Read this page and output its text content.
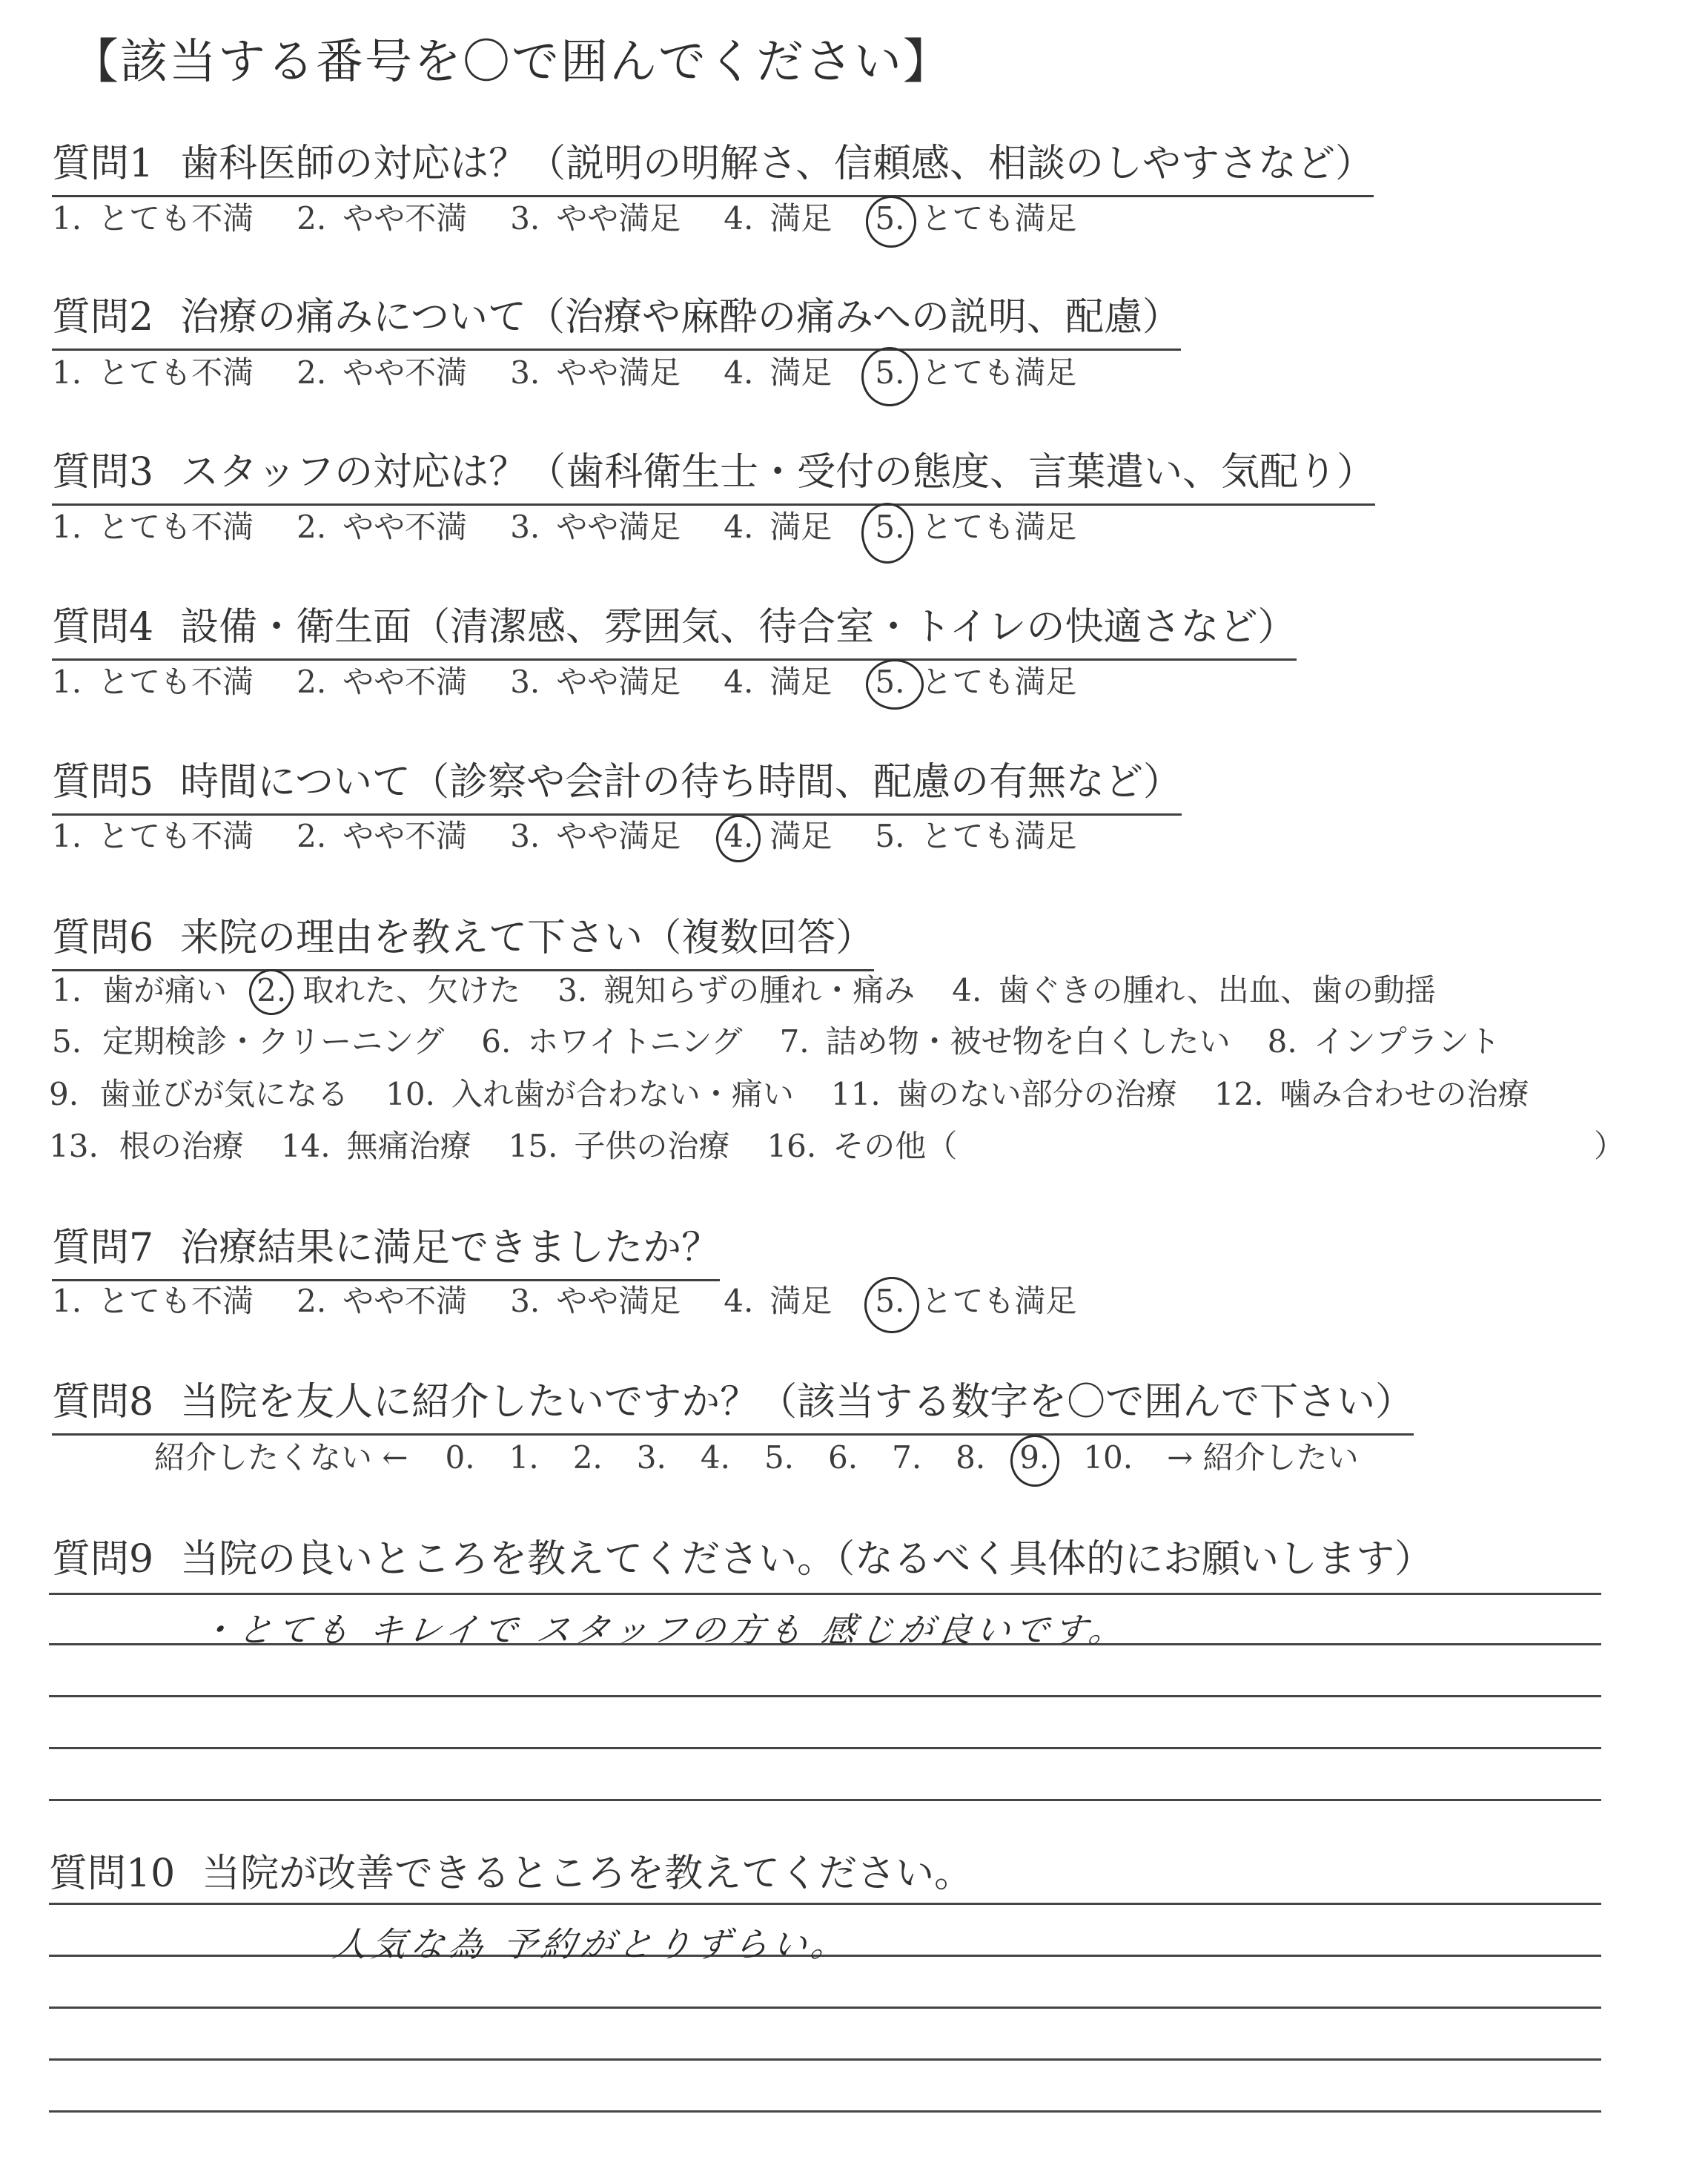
【該当する番号を〇で囲んでください】
質問1 歯科医師の対応は？（説明の明解さ、信頼感、相談のしやすさなど）
1. とても不満 2. やや不満 3. やや満足 4. 満足 5. とても満足
質問2 治療の痛みについて（治療や麻酔の痛みへの説明、配慮）
1. とても不満 2. やや不満 3. やや満足 4. 満足 5. とても満足
質問3 スタッフの対応は？（歯科衛生士・受付の態度、言葉遣い、気配り）
1. とても不満 2. やや不満 3. やや満足 4. 満足 5. とても満足
質問4 設備・衛生面（清潔感、雰囲気、待合室・トイレの快適さなど）
1. とても不満 2. やや不満 3. やや満足 4. 満足 5. とても満足
質問5 時間について（診察や会計の待ち時間、配慮の有無など）
1. とても不満 2. やや不満 3. やや満足 4. 満足 5. とても満足
質問6 来院の理由を教えて下さい（複数回答）
1. 歯が痛い 2. 取れた、欠けた 3. 親知らずの腫れ・痛み 4. 歯ぐきの腫れ、出血、歯の動揺
5. 定期検診・クリーニング 6. ホワイトニング 7. 詰め物・被せ物を白くしたい 8. インプラント
9. 歯並びが気になる 10. 入れ歯が合わない・痛い 11. 歯のない部分の治療 12. 噛み合わせの治療
13. 根の治療 14. 無痛治療 15. 子供の治療 16. その他（	）
質問7 治療結果に満足できましたか？
1. とても不満 2. やや不満 3. やや満足 4. 満足 5. とても満足
質問8 当院を友人に紹介したいですか？（該当する数字を〇で囲んで下さい）
紹介したくない ← 0. 1. 2. 3. 4. 5. 6. 7. 8. 9. 10. → 紹介したい
質問9 当院の良いところを教えてください。（なるべく具体的にお願いします）
・とても キレイで スタッフの方も 感じが良いです。
質問10 当院が改善できるところを教えてください。
人気な為 予約がとりずらい。
